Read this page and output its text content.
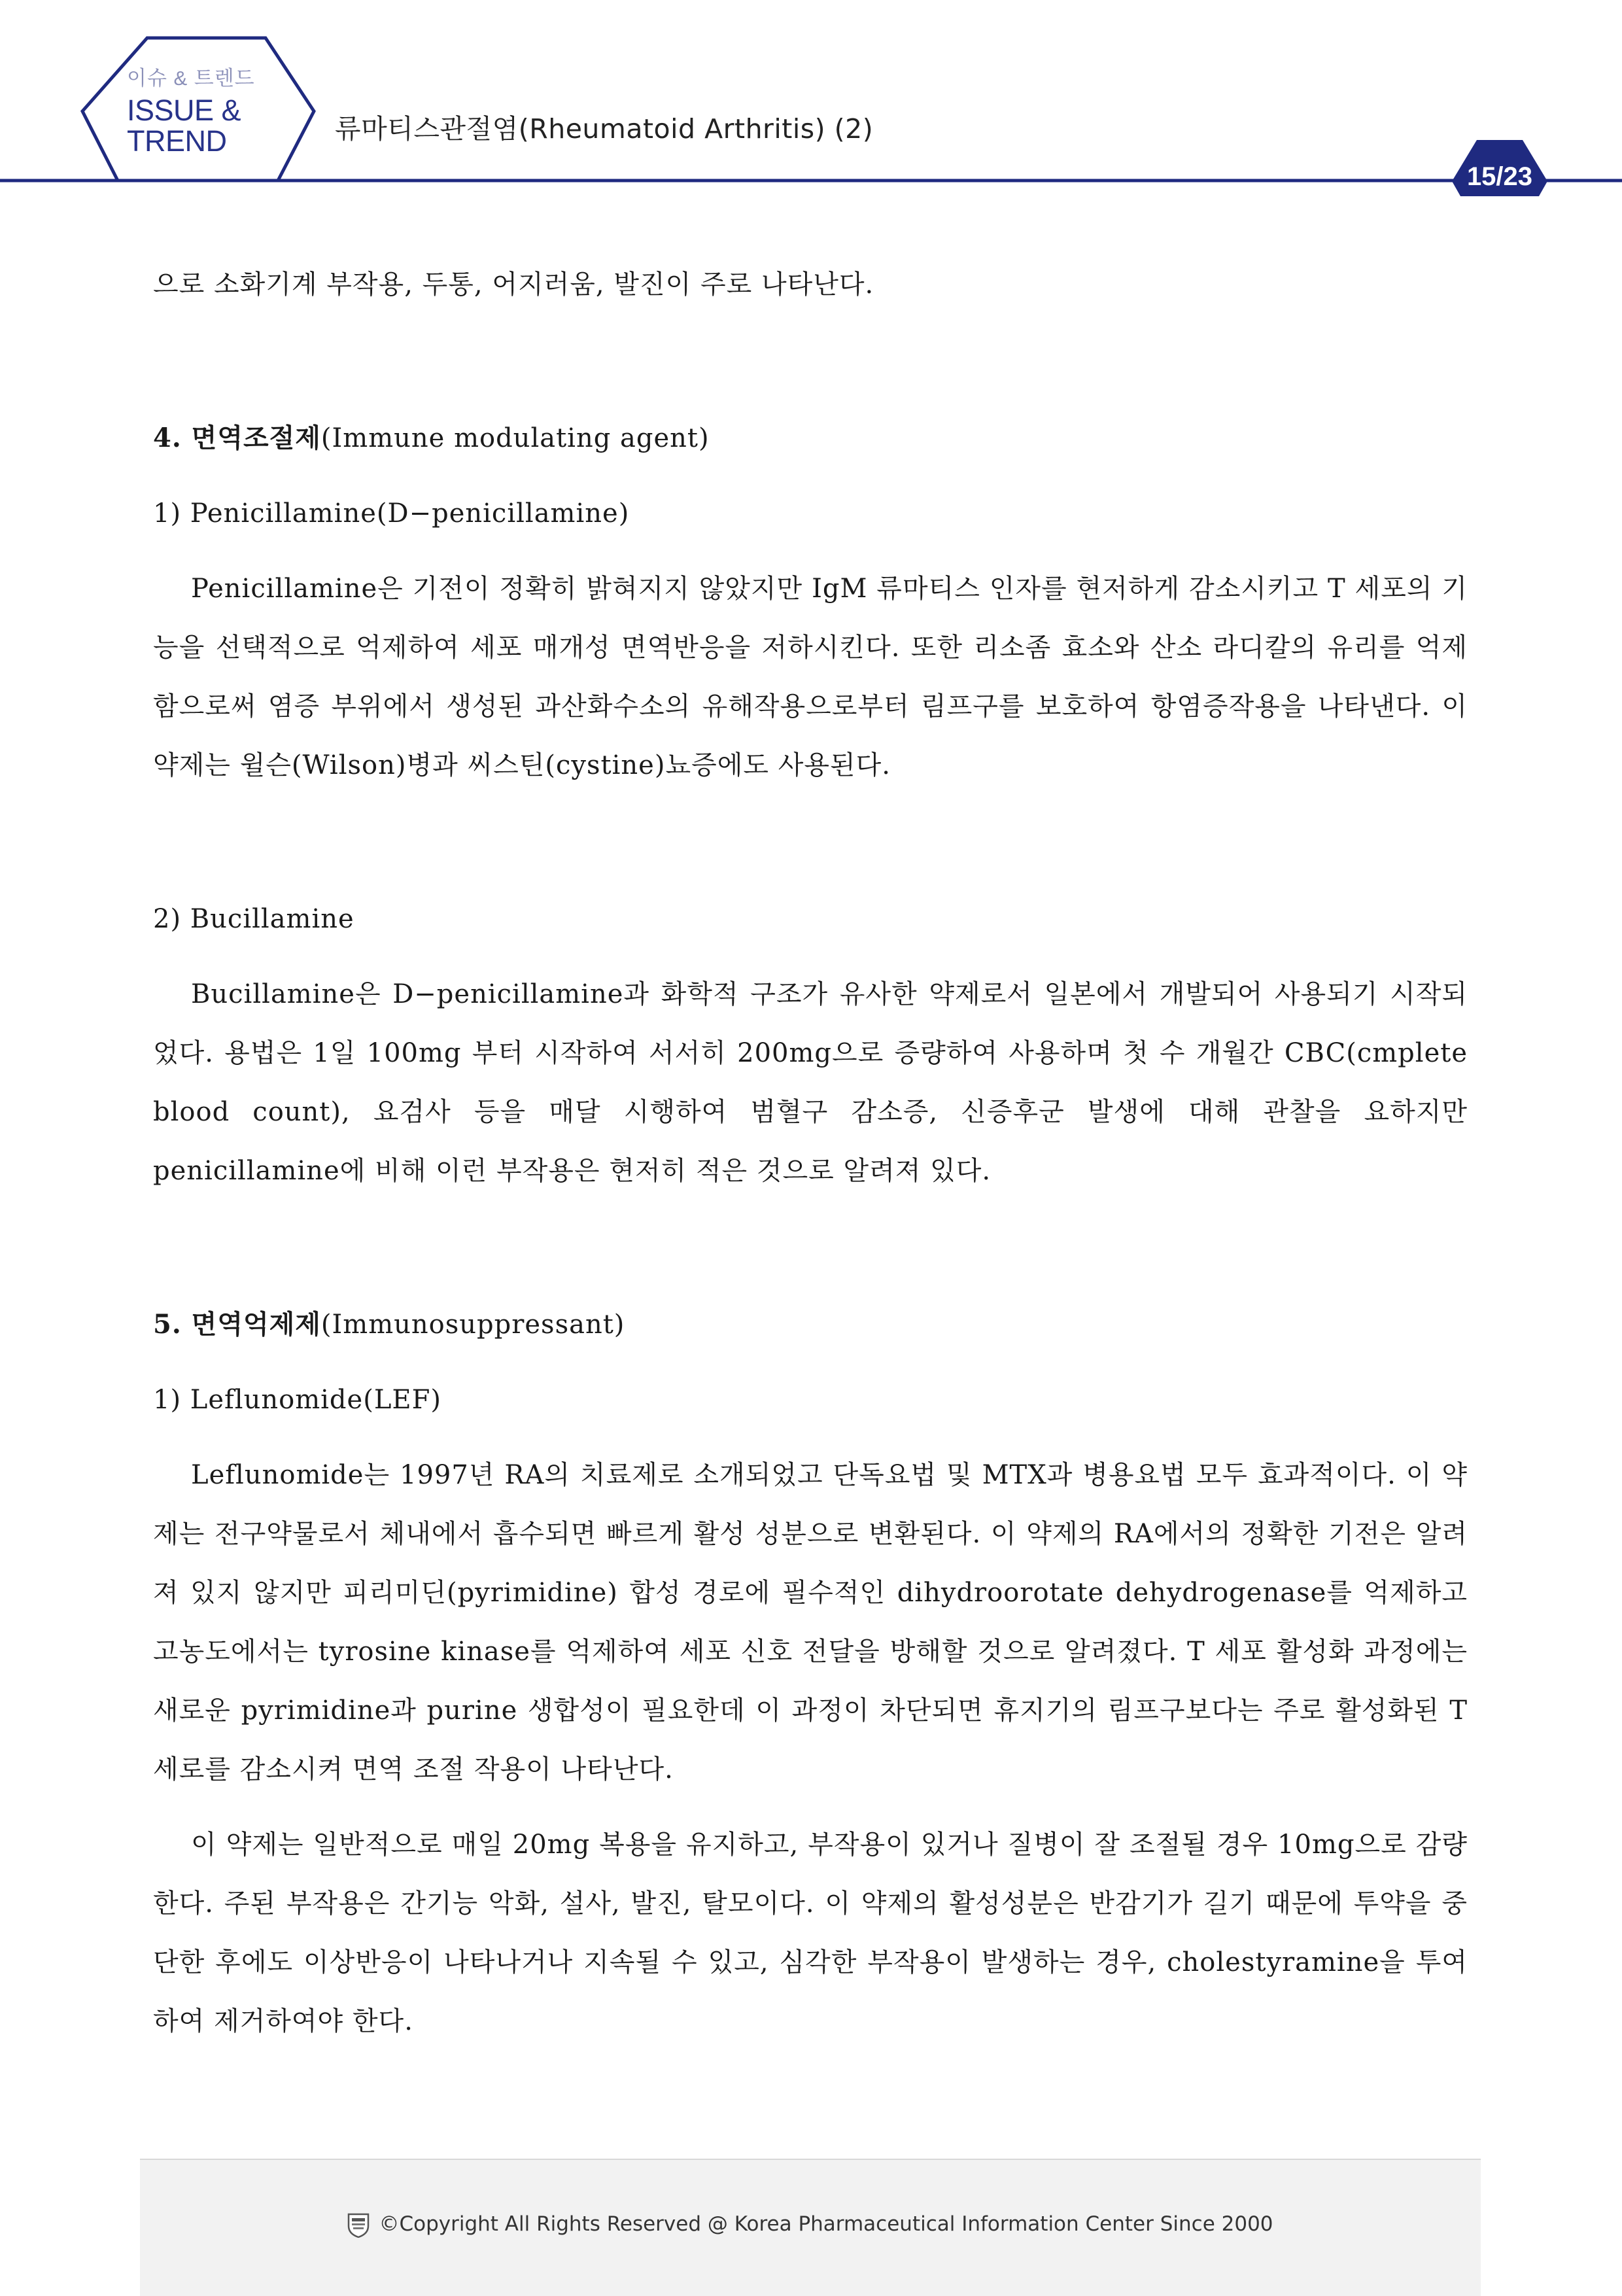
이슈 & 트렌드
ISSUE &
TREND	류마티스관절염(Rheumatoid Arthritis) (2)
15/23

으로 소화기계 부작용, 두통, 어지러움, 발진이 주로 나타난다.

4. 면역조절제(Immune modulating agent)

1) Penicillamine(D−penicillamine)

Penicillamine은 기전이 정확히 밝혀지지 않았지만 IgM 류마티스 인자를 현저하게 감소시키고 T 세포의 기능을 선택적으로 억제하여 세포 매개성 면역반응을 저하시킨다. 또한 리소좀 효소와 산소 라디칼의 유리를 억제함으로써 염증 부위에서 생성된 과산화수소의 유해작용으로부터 림프구를 보호하여 항염증작용을 나타낸다. 이 약제는 윌슨(Wilson)병과 씨스틴(cystine)뇨증에도 사용된다.

2) Bucillamine

Bucillamine은 D−penicillamine과 화학적 구조가 유사한 약제로서 일본에서 개발되어 사용되기 시작되었다. 용법은 1일 100mg 부터 시작하여 서서히 200mg으로 증량하여 사용하며 첫 수 개월간 CBC(cmplete blood count), 요검사 등을 매달 시행하여 범혈구 감소증, 신증후군 발생에 대해 관찰을 요하지만 penicillamine에 비해 이런 부작용은 현저히 적은 것으로 알려져 있다.

5. 면역억제제(Immunosuppressant)

1) Leflunomide(LEF)

Leflunomide는 1997년 RA의 치료제로 소개되었고 단독요법 및 MTX과 병용요법 모두 효과적이다. 이 약제는 전구약물로서 체내에서 흡수되면 빠르게 활성 성분으로 변환된다. 이 약제의 RA에서의 정확한 기전은 알려져 있지 않지만 피리미딘(pyrimidine) 합성 경로에 필수적인 dihydroorotate dehydrogenase를 억제하고 고농도에서는 tyrosine kinase를 억제하여 세포 신호 전달을 방해할 것으로 알려졌다. T 세포 활성화 과정에는 새로운 pyrimidine과 purine 생합성이 필요한데 이 과정이 차단되면 휴지기의 림프구보다는 주로 활성화된 T 세로를 감소시켜 면역 조절 작용이 나타난다.

이 약제는 일반적으로 매일 20mg 복용을 유지하고, 부작용이 있거나 질병이 잘 조절될 경우 10mg으로 감량한다. 주된 부작용은 간기능 악화, 설사, 발진, 탈모이다. 이 약제의 활성성분은 반감기가 길기 때문에 투약을 중단한 후에도 이상반응이 나타나거나 지속될 수 있고, 심각한 부작용이 발생하는 경우, cholestyramine을 투여하여 제거하여야 한다.

©Copyright All Rights Reserved @ Korea Pharmaceutical Information Center Since 2000
